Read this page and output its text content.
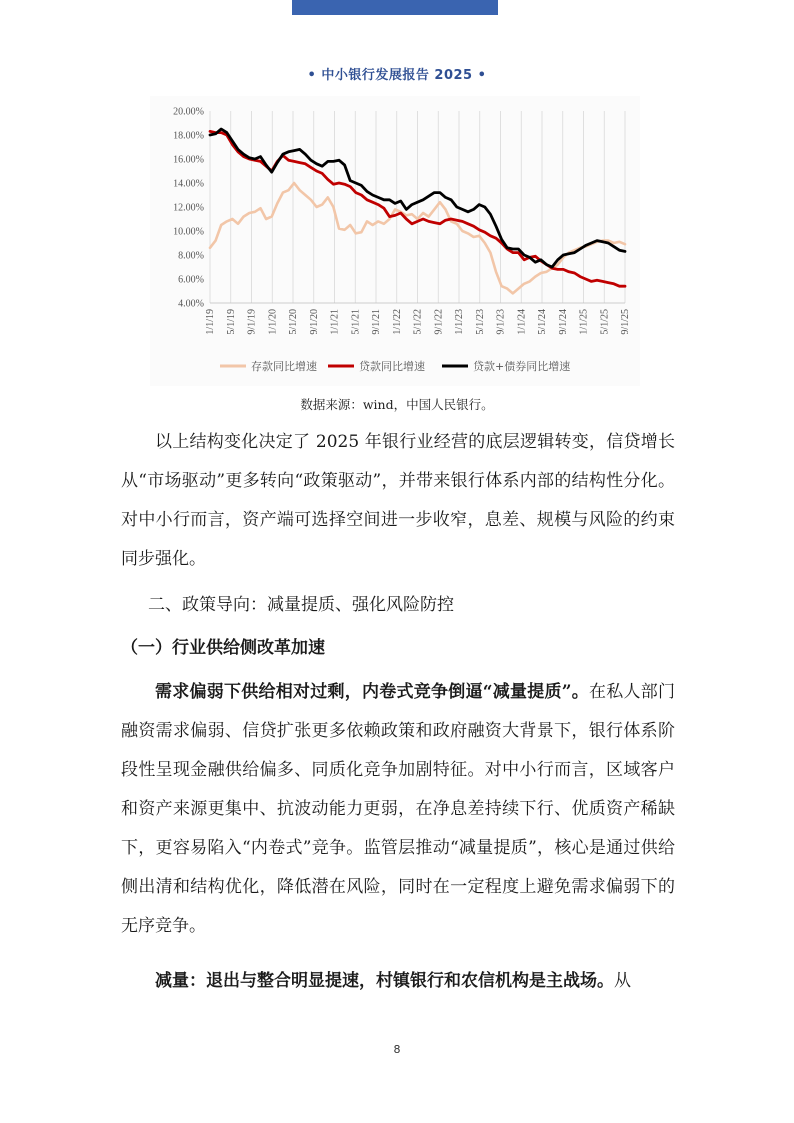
• 中小银行发展报告 2025 •
4.00%
6.00%
8.00%
10.00%
12.00%
14.00%
16.00%
18.00%
20.00%
1/1/19 5/1/19 9/1/19 1/1/20 5/1/20 9/1/20 1/1/21 5/1/21 9/1/21 1/1/22 5/1/22 9/1/22 1/1/23 5/1/23 9/1/23 1/1/24 5/1/24 9/1/24 1/1/25 5/1/25 9/1/25
存款同比增速	贷款同比增速	贷款+债券同比增速
数据来源：wind，中国人民银行。

以上结构变化决定了 2025 年银行业经营的底层逻辑转变，信贷增长从“市场驱动”更多转向“政策驱动”，并带来银行体系内部的结构性分化。对中小行而言，资产端可选择空间进一步收窄，息差、规模与风险的约束同步强化。

二、政策导向：减量提质、强化风险防控
（一）行业供给侧改革加速

需求偏弱下供给相对过剩，内卷式竞争倒逼“减量提质”。在私人部门融资需求偏弱、信贷扩张更多依赖政策和政府融资大背景下，银行体系阶段性呈现金融供给偏多、同质化竞争加剧特征。对中小行而言，区域客户和资产来源更集中、抗波动能力更弱，在净息差持续下行、优质资产稀缺下，更容易陷入“内卷式”竞争。监管层推动“减量提质”，核心是通过供给侧出清和结构优化，降低潜在风险，同时在一定程度上避免需求偏弱下的无序竞争。

减量：退出与整合明显提速，村镇银行和农信机构是主战场。从

8
